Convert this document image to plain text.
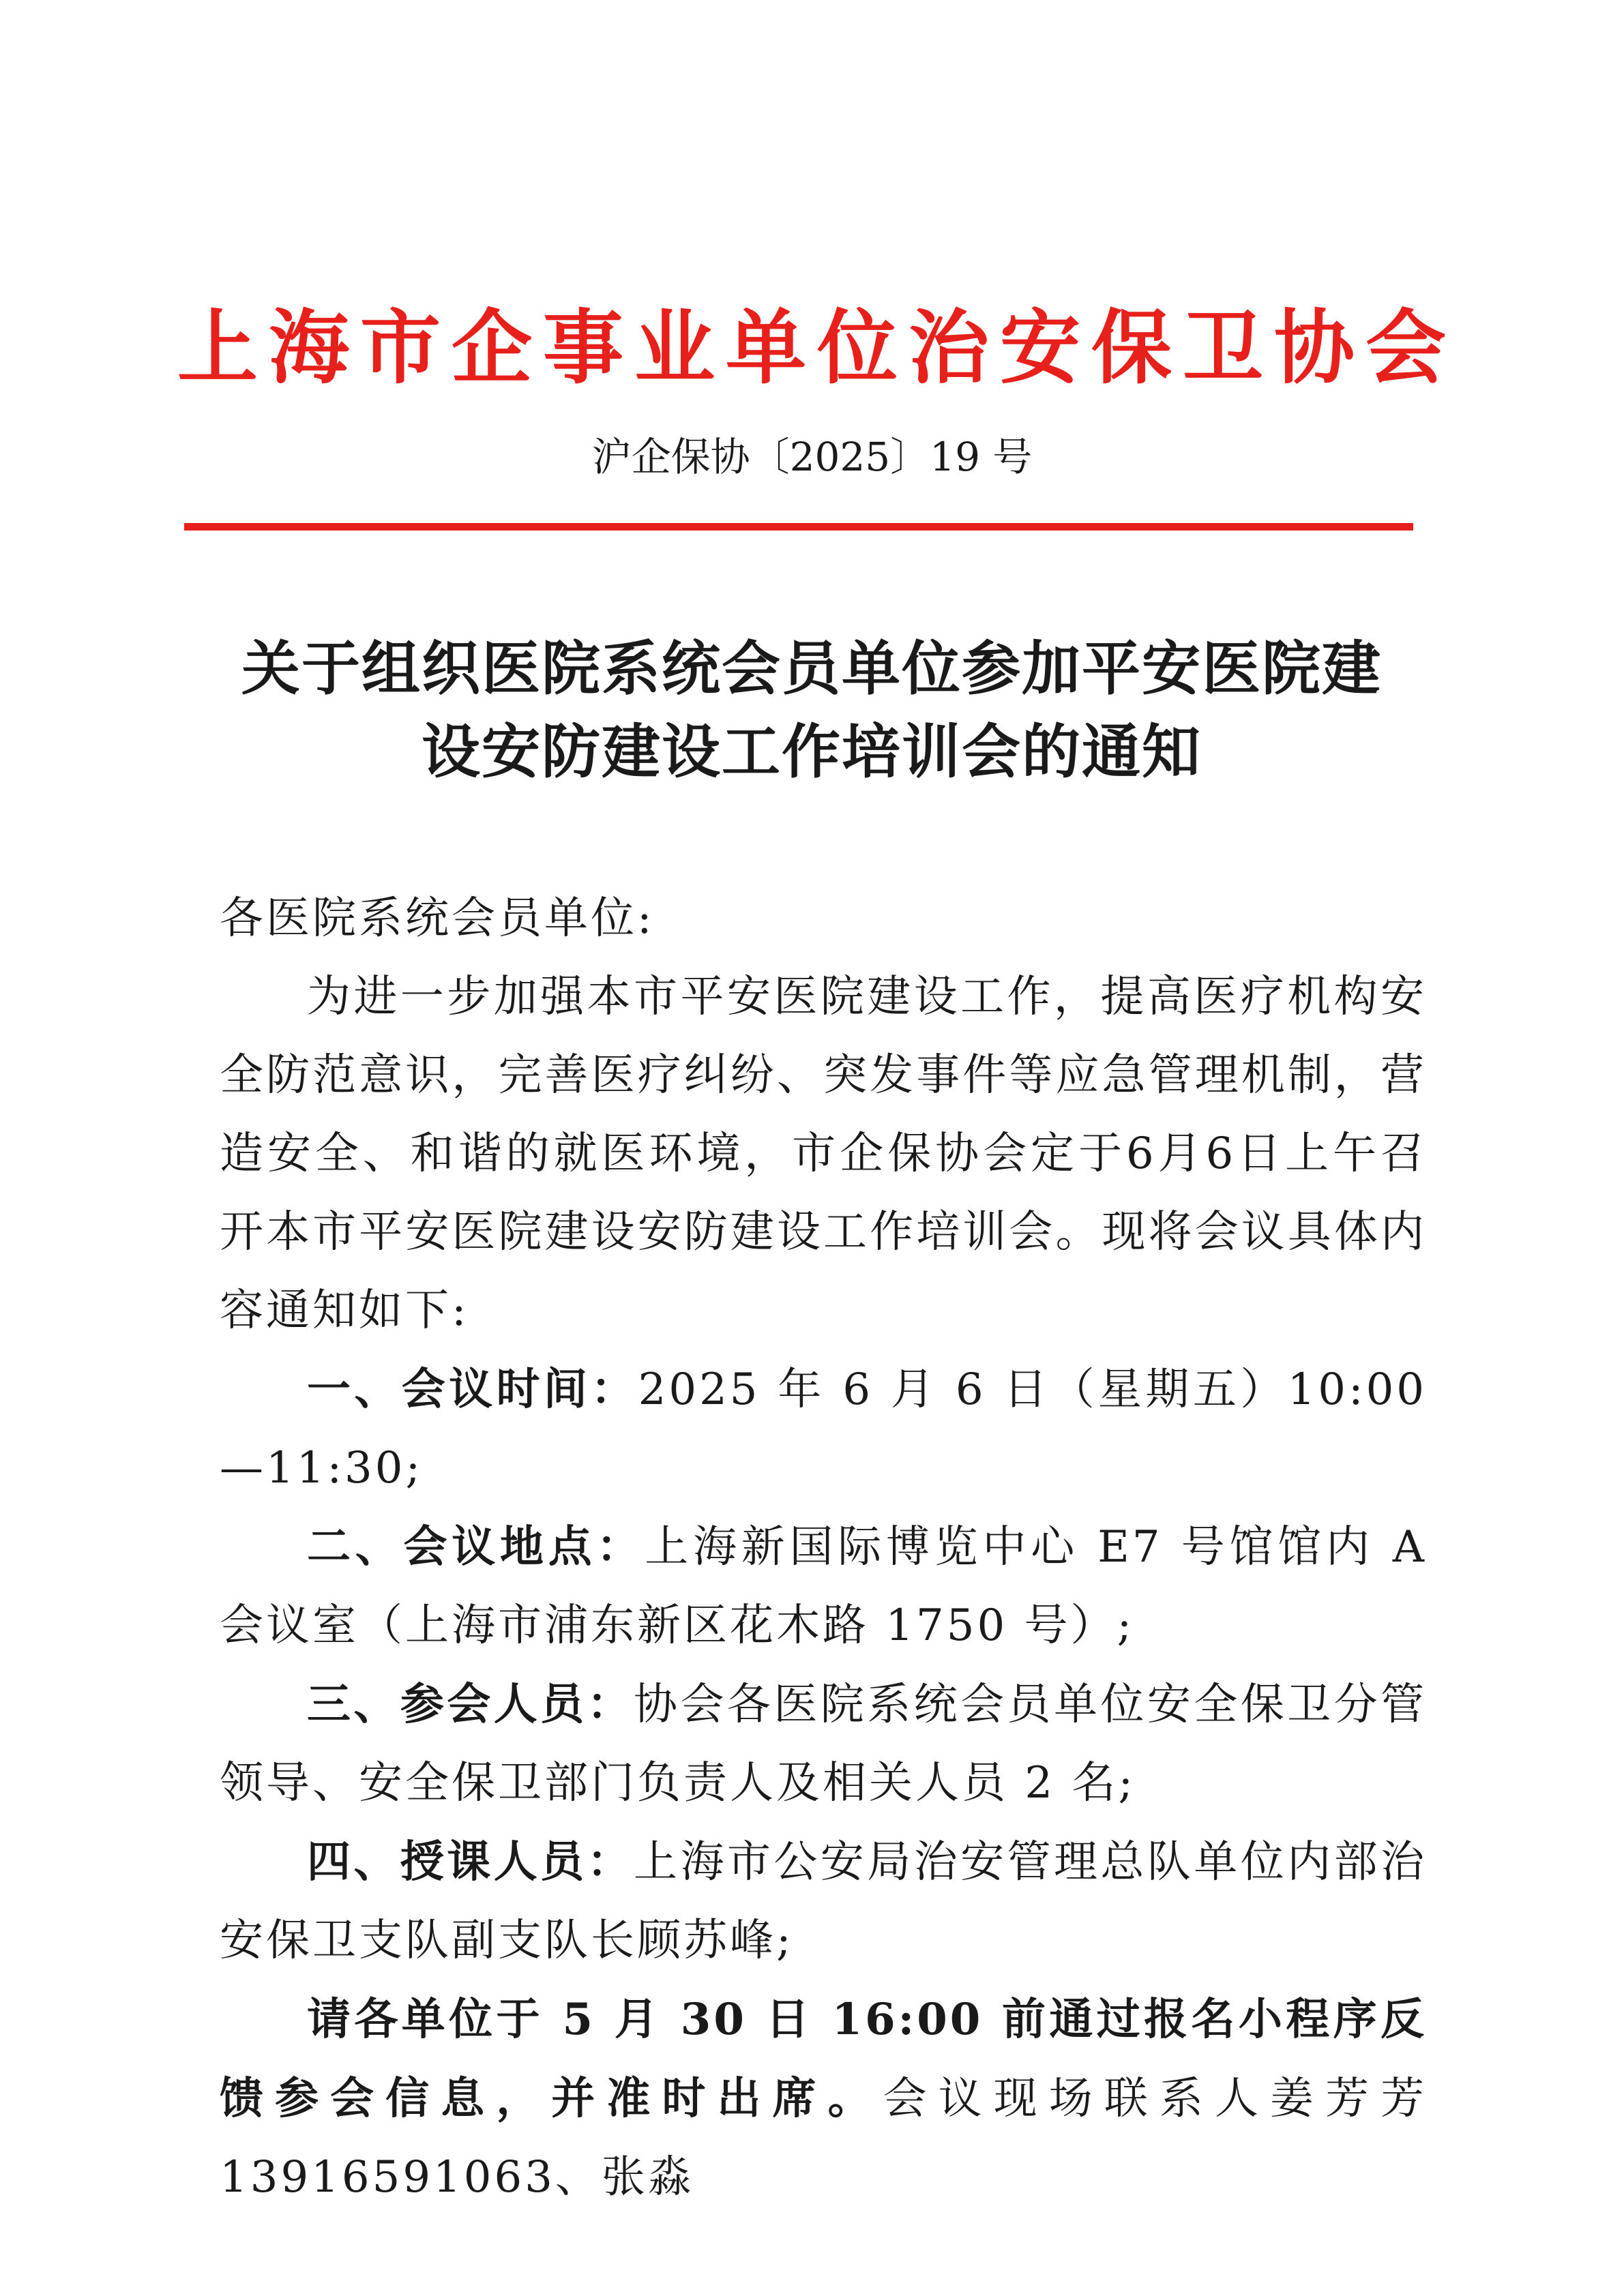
上海市企事业单位治安保卫协会
沪企保协〔2025〕19 号
关于组织医院系统会员单位参加平安医院建
设安防建设工作培训会的通知

各医院系统会员单位:

为进一步加强本市平安医院建设工作，提高医疗机构安全防范意识，完善医疗纠纷、突发事件等应急管理机制，营造安全、和谐的就医环境，市企保协会定于6月6日上午召开本市平安医院建设安防建设工作培训会。现将会议具体内容通知如下:

一、会议时间：2025 年 6 月 6 日（星期五）10:00—11:30;

二、会议地点：上海新国际博览中心 E7 号馆馆内 A 会议室（上海市浦东新区花木路 1750 号）;

三、参会人员：协会各医院系统会员单位安全保卫分管领导、安全保卫部门负责人及相关人员 2 名;

四、授课人员：上海市公安局治安管理总队单位内部治安保卫支队副支队长顾苏峰;

请各单位于 5 月 30 日 16:00 前通过报名小程序反馈参会信息，并准时出席。会议现场联系人姜芳芳 13916591063、张淼
